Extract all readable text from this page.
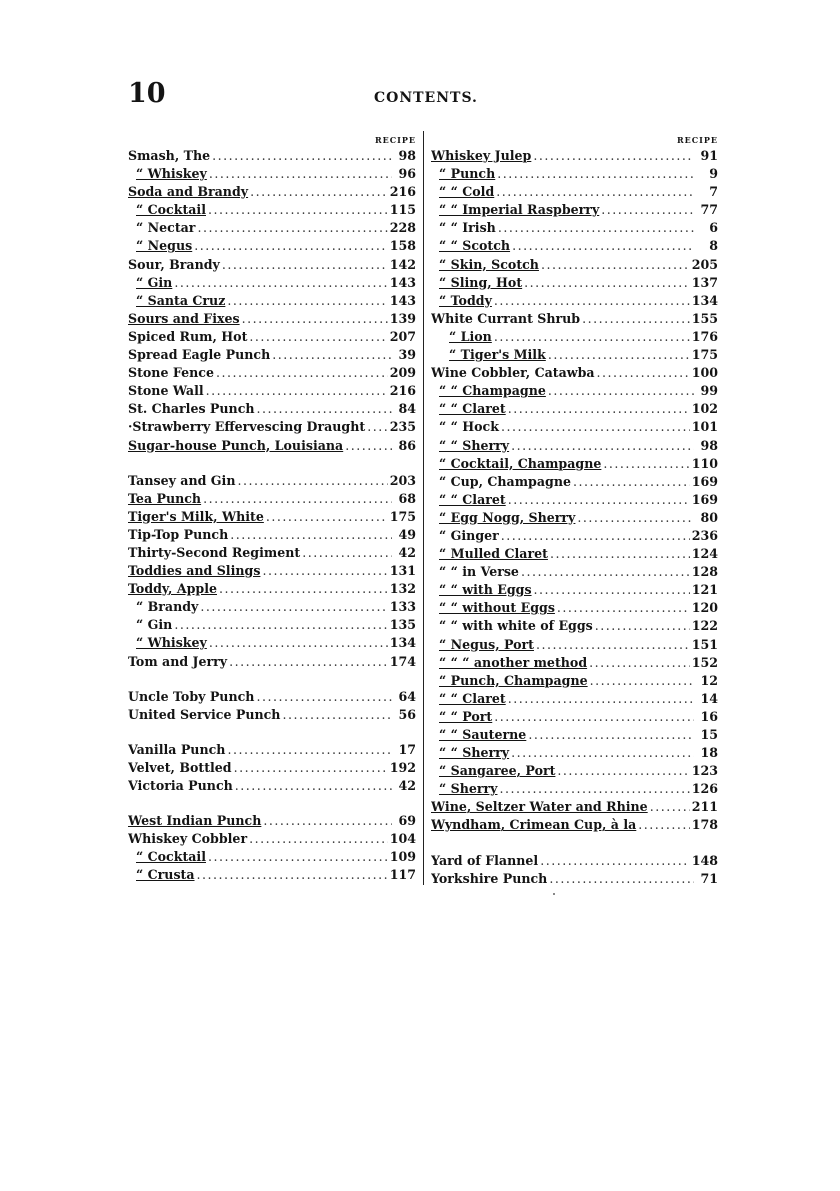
10	CONTENTS.
RECIPE
Smash, The .....	98
“ Whiskey .....	96
Soda and Brandy .....	216
“ Cocktail .....	115
“ Nectar .....	228
“ Negus .....	158
Sour, Brandy .....	142
“ Gin .....	143
“ Santa Cruz .....	143
Sours and Fixes .....	139
Spiced Rum, Hot .....	207
Spread Eagle Punch .....	39
Stone Fence .....	209
Stone Wall .....	216
St. Charles Punch .....	84
·Strawberry Effervescing Draught ..... 235
Sugar-house Punch, Louisiana .....	86
Tansey and Gin .....	203
Tea Punch .....	68
Tiger's Milk, White .....	175
Tip-Top Punch .....	49
Thirty-Second Regiment .....	42
Toddies and Slings .....	131
Toddy, Apple .....	132
“ Brandy .....	133
“ Gin .....	135
“ Whiskey .....	134
Tom and Jerry .....	174
Uncle Toby Punch .....	64
United Service Punch .....	56
Vanilla Punch .....	17
Velvet, Bottled .....	192
Victoria Punch .....	42
West Indian Punch .....	69
Whiskey Cobbler .....	104
“ Cocktail .....	109
“ Crusta .....	117
RECIPE
Whiskey Julep .....	91
“ Punch .....	9
“ “ Cold .....	7
“ “ Imperial Raspberry .....	77
“ “ Irish .....	6
“ “ Scotch .....	8
“ Skin, Scotch .....	205
“ Sling, Hot .....	137
“ Toddy .....	134
White Currant Shrub .....	155
“ Lion .....	176
“ Tiger's Milk .....	175
Wine Cobbler, Catawba .....	100
“ “ Champagne .....	99
“ “ Claret .....	102
“ “ Hock .....	101
“ “ Sherry .....	98
“ Cocktail, Champagne .....	110
“ Cup, Champagne .....	169
“ “ Claret .....	169
“ Egg Nogg, Sherry .....	80
“ Ginger .....	236
“ Mulled Claret .....	124
“ “ in Verse .....	128
“ “ with Eggs .....	121
“ “ without Eggs .....	120
“ “ with white of Eggs .....	122
“ Negus, Port .....	151
“ “ “ another method .....	152
“ Punch, Champagne .....	12
“ “ Claret .....	14
“ “ Port .....	16
“ “ Sauterne .....	15
“ “ Sherry .....	18
“ Sangaree, Port .....	123
“ Sherry .....	126
Wine, Seltzer Water and Rhine .....	211
Wyndham, Crimean Cup, à la .....	178
Yard of Flannel .....	148
Yorkshire Punch .....	71
